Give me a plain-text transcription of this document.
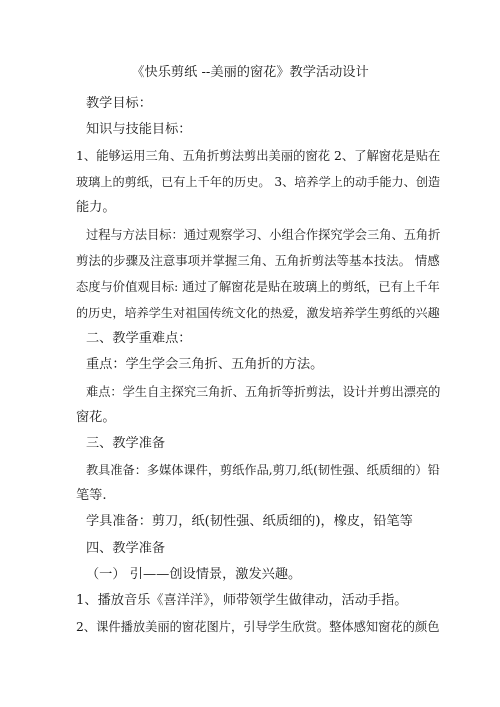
《快乐剪纸 --美丽的窗花》教学活动设计
教学目标：
知识与技能目标：
1、能够运用三角、五角折剪法剪出美丽的窗花 2、了解窗花是贴在
玻璃上的剪纸，已有上千年的历史。 3、培养学上的动手能力、创造
能力。
过程与方法目标：通过观察学习、小组合作探究学会三角、五角折
剪法的步骤及注意事项并掌握三角、五角折剪法等基本技法。 情感
态度与价值观目标: 通过了解窗花是贴在玻璃上的剪纸，已有上千年
的历史，培养学生对祖国传统文化的热爱，激发培养学生剪纸的兴趣
二、教学重难点：
重点：学生学会三角折、五角折的方法。
难点：学生自主探究三角折、五角折等折剪法，设计并剪出漂亮的
窗花。
三、教学准备
教具准备：多媒体课件，剪纸作品,剪刀,纸(韧性强、纸质细的）铅
笔等.
学具准备：剪刀，纸(韧性强、纸质细的)，橡皮，铅笔等
四、教学准备
（一） 引——创设情景，激发兴趣。
1、播放音乐《喜洋洋》，师带领学生做律动，活动手指。
2、课件播放美丽的窗花图片，引导学生欣赏。整体感知窗花的颜色
